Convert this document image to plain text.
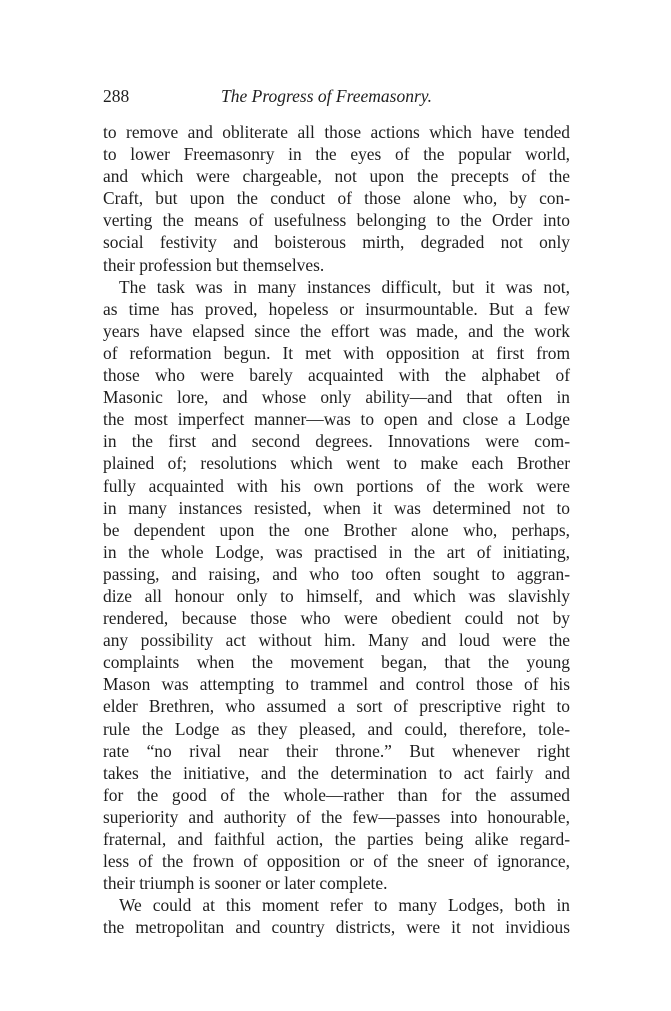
288	The Progress of Freemasonry.
to remove and obliterate all those actions which have tended
to lower Freemasonry in the eyes of the popular world,
and which were chargeable, not upon the precepts of the
Craft, but upon the conduct of those alone who, by con-
verting the means of usefulness belonging to the Order into
social festivity and boisterous mirth, degraded not only
their profession but themselves.
The task was in many instances difficult, but it was not,
as time has proved, hopeless or insurmountable. But a few
years have elapsed since the effort was made, and the work
of reformation begun. It met with opposition at first from
those who were barely acquainted with the alphabet of
Masonic lore, and whose only ability—and that often in
the most imperfect manner—was to open and close a Lodge
in the first and second degrees. Innovations were com-
plained of; resolutions which went to make each Brother
fully acquainted with his own portions of the work were
in many instances resisted, when it was determined not to
be dependent upon the one Brother alone who, perhaps,
in the whole Lodge, was practised in the art of initiating,
passing, and raising, and who too often sought to aggran-
dize all honour only to himself, and which was slavishly
rendered, because those who were obedient could not by
any possibility act without him. Many and loud were the
complaints when the movement began, that the young
Mason was attempting to trammel and control those of his
elder Brethren, who assumed a sort of prescriptive right to
rule the Lodge as they pleased, and could, therefore, tole-
rate “no rival near their throne.” But whenever right
takes the initiative, and the determination to act fairly and
for the good of the whole—rather than for the assumed
superiority and authority of the few—passes into honourable,
fraternal, and faithful action, the parties being alike regard-
less of the frown of opposition or of the sneer of ignorance,
their triumph is sooner or later complete.
We could at this moment refer to many Lodges, both in
the metropolitan and country districts, were it not invidious
